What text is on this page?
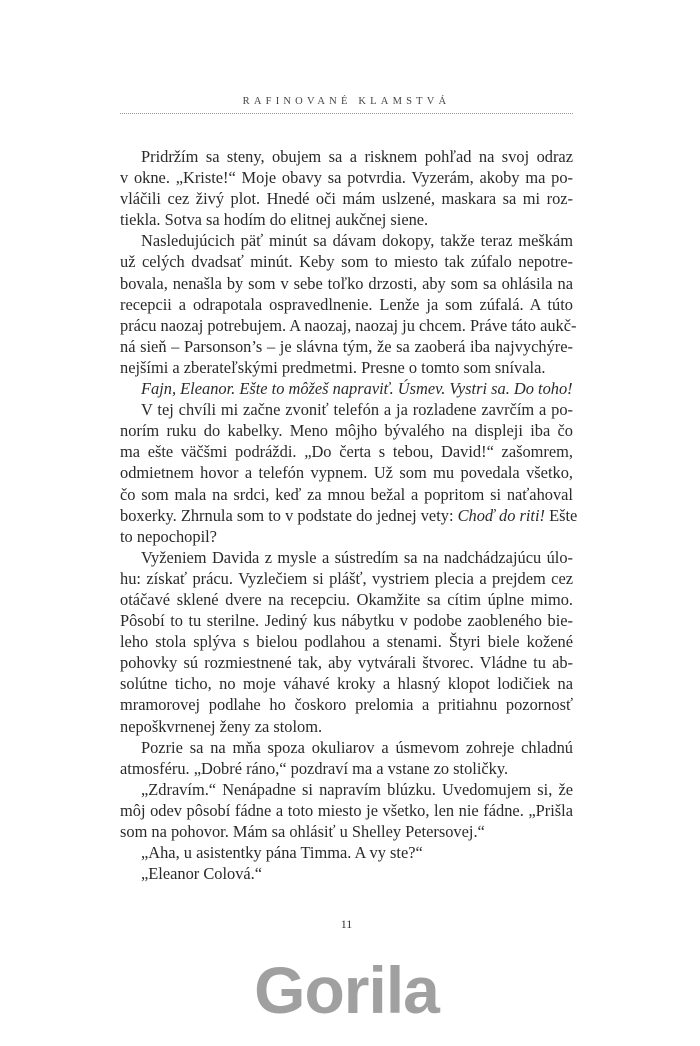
RAFINOVANÉ KLAMSTVÁ
Pridržím sa steny, obujem sa a risknem pohľad na svoj odraz
v okne. „Kriste!“ Moje obavy sa potvrdia. Vyzerám, akoby ma po-
vláčili cez živý plot. Hnedé oči mám uslzené, maskara sa mi roz-
tiekla. Sotva sa hodím do elitnej aukčnej siene.
Nasledujúcich päť minút sa dávam dokopy, takže teraz meškám
už celých dvadsať minút. Keby som to miesto tak zúfalo nepotre-
bovala, nenašla by som v sebe toľko drzosti, aby som sa ohlásila na
recepcii a odrapotala ospravedlnenie. Lenže ja som zúfalá. A túto
prácu naozaj potrebujem. A naozaj, naozaj ju chcem. Práve táto aukč-
ná sieň – Parsonson’s – je slávna tým, že sa zaoberá iba najvychýre-
nejšími a zberateľskými predmetmi. Presne o tomto som snívala.
Fajn, Eleanor. Ešte to môžeš napraviť. Úsmev. Vystri sa. Do toho!
V tej chvíli mi začne zvoniť telefón a ja rozladene zavrčím a po-
norím ruku do kabelky. Meno môjho bývalého na displeji iba čo
ma ešte väčšmi podráždi. „Do čerta s tebou, David!“ zašomrem,
odmietnem hovor a telefón vypnem. Už som mu povedala všetko,
čo som mala na srdci, keď za mnou bežal a popritom si naťahoval
boxerky. Zhrnula som to v podstate do jednej vety: Choď do riti! Ešte
to nepochopil?
Vyženiem Davida z mysle a sústredím sa na nadchádzajúcu úlo-
hu: získať prácu. Vyzlečiem si plášť, vystriem plecia a prejdem cez
otáčavé sklené dvere na recepciu. Okamžite sa cítim úplne mimo.
Pôsobí to tu sterilne. Jediný kus nábytku v podobe zaobleného bie-
leho stola splýva s bielou podlahou a stenami. Štyri biele kožené
pohovky sú rozmiestnené tak, aby vytvárali štvorec. Vládne tu ab-
solútne ticho, no moje váhavé kroky a hlasný klopot lodičiek na
mramorovej podlahe ho čoskoro prelomia a pritiahnu pozornosť
nepoškvrnenej ženy za stolom.
Pozrie sa na mňa spoza okuliarov a úsmevom zohreje chladnú
atmosféru. „Dobré ráno,“ pozdraví ma a vstane zo stoličky.
„Zdravím.“ Nenápadne si napravím blúzku. Uvedomujem si, že
môj odev pôsobí fádne a toto miesto je všetko, len nie fádne. „Prišla
som na pohovor. Mám sa ohlásiť u Shelley Petersovej.“
„Aha, u asistentky pána Timma. A vy ste?“
„Eleanor Colová.“
11
Gorila
